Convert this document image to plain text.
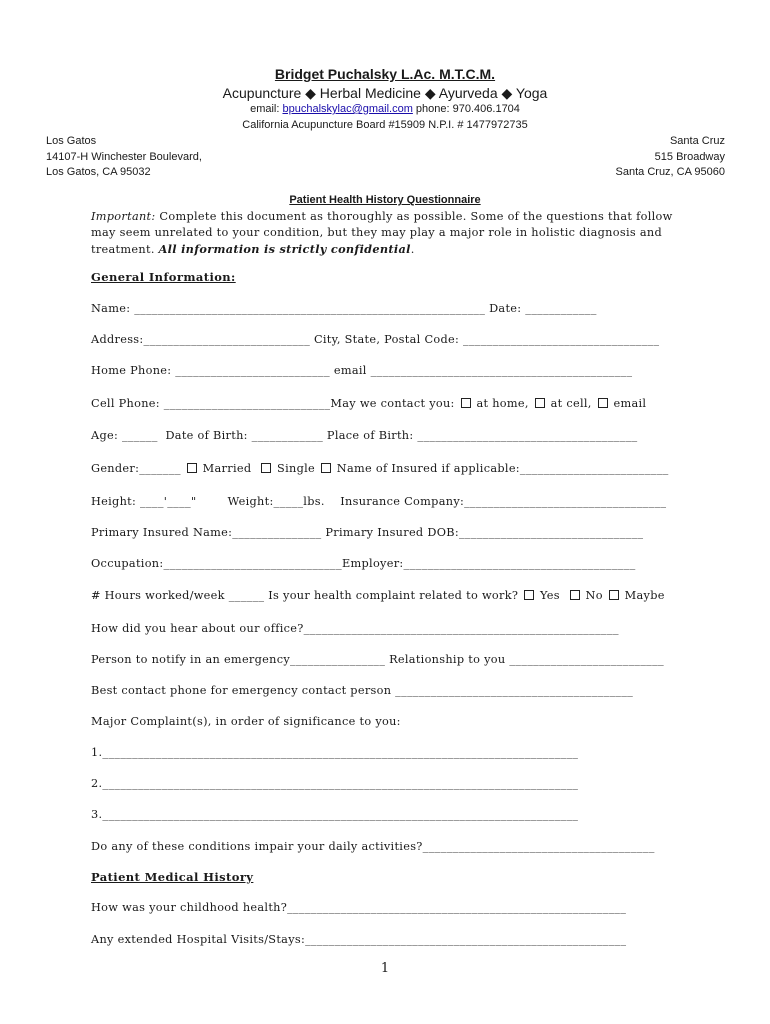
Bridget Puchalsky L.Ac. M.T.C.M.
Acupuncture ◆ Herbal Medicine ◆ Ayurveda ◆ Yoga
email: bpuchalskylac@gmail.com phone: 970.406.1704
California Acupuncture Board #15909 N.P.I. # 1477972735
Los Gatos
14107-H Winchester Boulevard,
Los Gatos, CA 95032
Santa Cruz
515 Broadway
Santa Cruz, CA 95060
Patient Health History Questionnaire
Important: Complete this document as thoroughly as possible. Some of the questions that follow may seem unrelated to your condition, but they may play a major role in holistic diagnosis and treatment. All information is strictly confidential.
General Information:
Name: ___________________________________________________________ Date: ____________
Address:____________________________ City, State, Postal Code: _________________________________
Home Phone: __________________________ email ____________________________________________
Cell Phone: ____________________________May we contact you:  at home,  at cell,  email
Age: ______  Date of Birth: ____________ Place of Birth: _____________________________________
Gender:_______  Married   Single  Name of Insured if applicable:_________________________
Height: ____'____"        Weight:_____lbs.    Insurance Company:__________________________________
Primary Insured Name:_______________ Primary Insured DOB:_______________________________
Occupation:______________________________Employer:_______________________________________
# Hours worked/week ______ Is your health complaint related to work?  Yes   No  Maybe
How did you hear about our office?_____________________________________________________
Person to notify in an emergency________________ Relationship to you __________________________
Best contact phone for emergency contact person ________________________________________
Major Complaint(s), in order of significance to you:
1.________________________________________________________________________________
2.________________________________________________________________________________
3.________________________________________________________________________________
Do any of these conditions impair your daily activities?_______________________________________
Patient Medical History
How was your childhood health?_________________________________________________________
Any extended Hospital Visits/Stays:______________________________________________________
1
